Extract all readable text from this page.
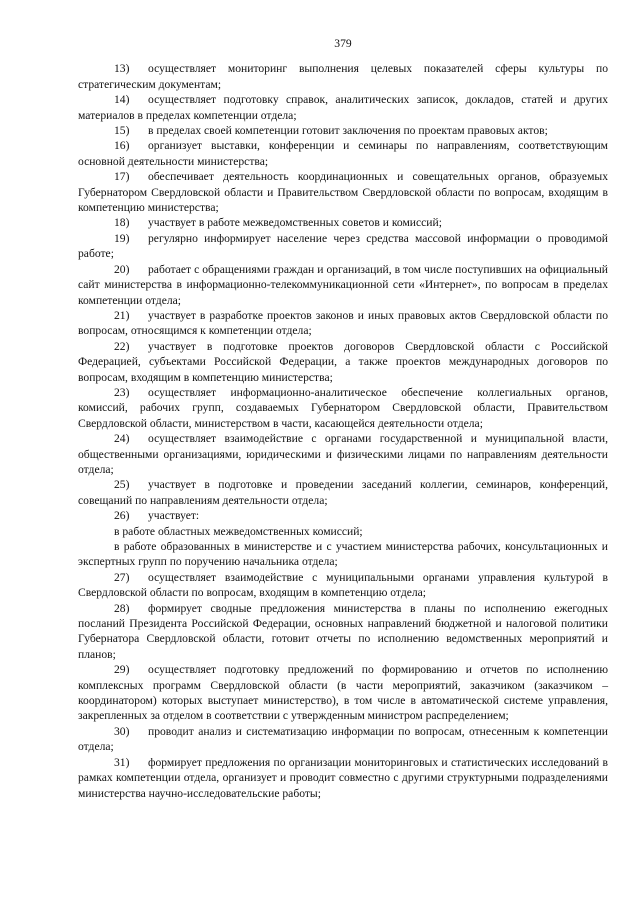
379

13) осуществляет мониторинг выполнения целевых показателей сферы культуры по стратегическим документам;

14) осуществляет подготовку справок, аналитических записок, докладов, статей и других материалов в пределах компетенции отдела;

15) в пределах своей компетенции готовит заключения по проектам правовых актов;

16) организует выставки, конференции и семинары по направлениям, соответствующим основной деятельности министерства;

17) обеспечивает деятельность координационных и совещательных органов, образуемых Губернатором Свердловской области и Правительством Свердловской области по вопросам, входящим в компетенцию министерства;

18) участвует в работе межведомственных советов и комиссий;

19) регулярно информирует население через средства массовой информации о проводимой работе;

20) работает с обращениями граждан и организаций, в том числе поступивших на официальный сайт министерства в информационно-телекоммуникационной сети «Интернет», по вопросам в пределах компетенции отдела;

21) участвует в разработке проектов законов и иных правовых актов Свердловской области по вопросам, относящимся к компетенции отдела;

22) участвует в подготовке проектов договоров Свердловской области с Российской Федерацией, субъектами Российской Федерации, а также проектов международных договоров по вопросам, входящим в компетенцию министерства;

23) осуществляет информационно-аналитическое обеспечение коллегиальных органов, комиссий, рабочих групп, создаваемых Губернатором Свердловской области, Правительством Свердловской области, министерством в части, касающейся деятельности отдела;

24) осуществляет взаимодействие с органами государственной и муниципальной власти, общественными организациями, юридическими и физическими лицами по направлениям деятельности отдела;

25) участвует в подготовке и проведении заседаний коллегии, семинаров, конференций, совещаний по направлениям деятельности отдела;

26) участвует:

в работе областных межведомственных комиссий;

в работе образованных в министерстве и с участием министерства рабочих, консультационных и экспертных групп по поручению начальника отдела;

27) осуществляет взаимодействие с муниципальными органами управления культурой в Свердловской области по вопросам, входящим в компетенцию отдела;

28) формирует сводные предложения министерства в планы по исполнению ежегодных посланий Президента Российской Федерации, основных направлений бюджетной и налоговой политики Губернатора Свердловской области, готовит отчеты по исполнению ведомственных мероприятий и планов;

29) осуществляет подготовку предложений по формированию и отчетов по исполнению комплексных программ Свердловской области (в части мероприятий, заказчиком (заказчиком – координатором) которых выступает министерство), в том числе в автоматической системе управления, закрепленных за отделом в соответствии с утвержденным министром распределением;

30) проводит анализ и систематизацию информации по вопросам, отнесенным к компетенции отдела;

31) формирует предложения по организации мониторинговых и статистических исследований в рамках компетенции отдела, организует и проводит совместно с другими структурными подразделениями министерства научно-исследовательские работы;
